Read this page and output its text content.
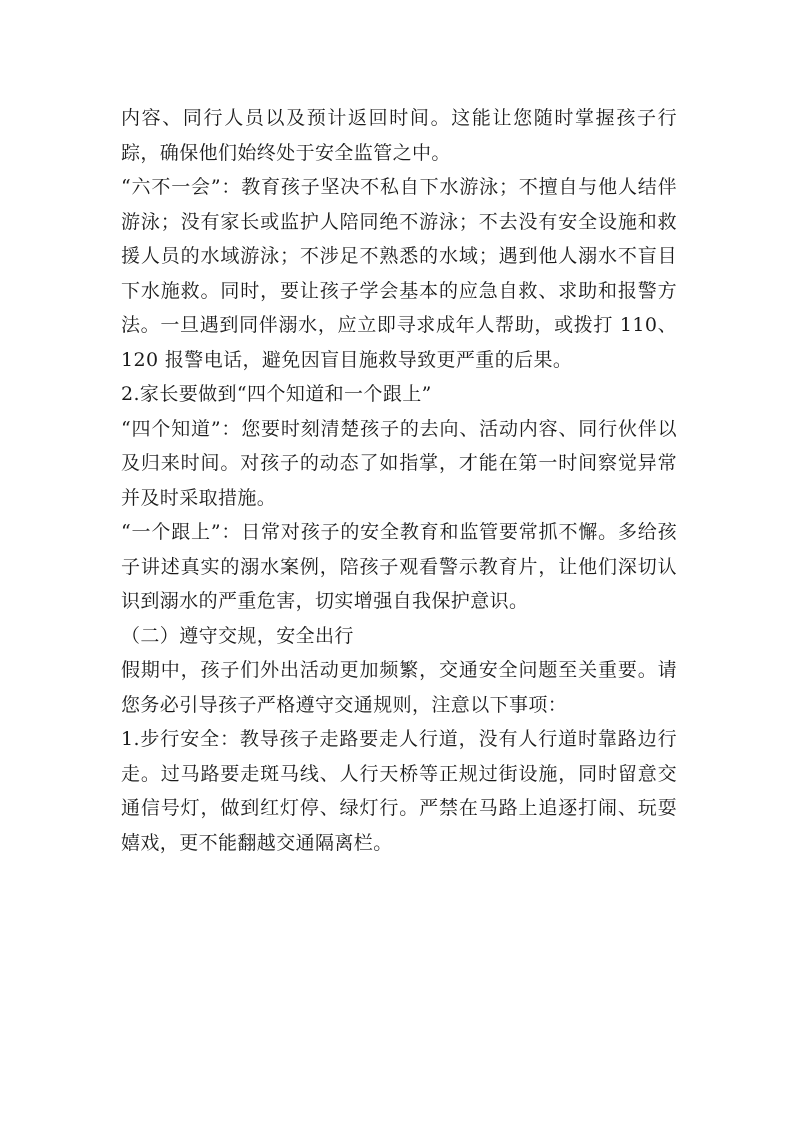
内容、同行人员以及预计返回时间。这能让您随时掌握孩子行踪，确保他们始终处于安全监管之中。

“六不一会”：教育孩子坚决不私自下水游泳；不擅自与他人结伴游泳；没有家长或监护人陪同绝不游泳；不去没有安全设施和救援人员的水域游泳；不涉足不熟悉的水域；遇到他人溺水不盲目下水施救。同时，要让孩子学会基本的应急自救、求助和报警方法。一旦遇到同伴溺水，应立即寻求成年人帮助，或拨打 110、120 报警电话，避免因盲目施救导致更严重的后果。

2.家长要做到“四个知道和一个跟上”

“四个知道”：您要时刻清楚孩子的去向、活动内容、同行伙伴以及归来时间。对孩子的动态了如指掌，才能在第一时间察觉异常并及时采取措施。

“一个跟上”：日常对孩子的安全教育和监管要常抓不懈。多给孩子讲述真实的溺水案例，陪孩子观看警示教育片，让他们深切认识到溺水的严重危害，切实增强自我保护意识。

（二）遵守交规，安全出行

假期中，孩子们外出活动更加频繁，交通安全问题至关重要。请您务必引导孩子严格遵守交通规则，注意以下事项：

1.步行安全：教导孩子走路要走人行道，没有人行道时靠路边行走。过马路要走斑马线、人行天桥等正规过街设施，同时留意交通信号灯，做到红灯停、绿灯行。严禁在马路上追逐打闹、玩耍嬉戏，更不能翻越交通隔离栏。
